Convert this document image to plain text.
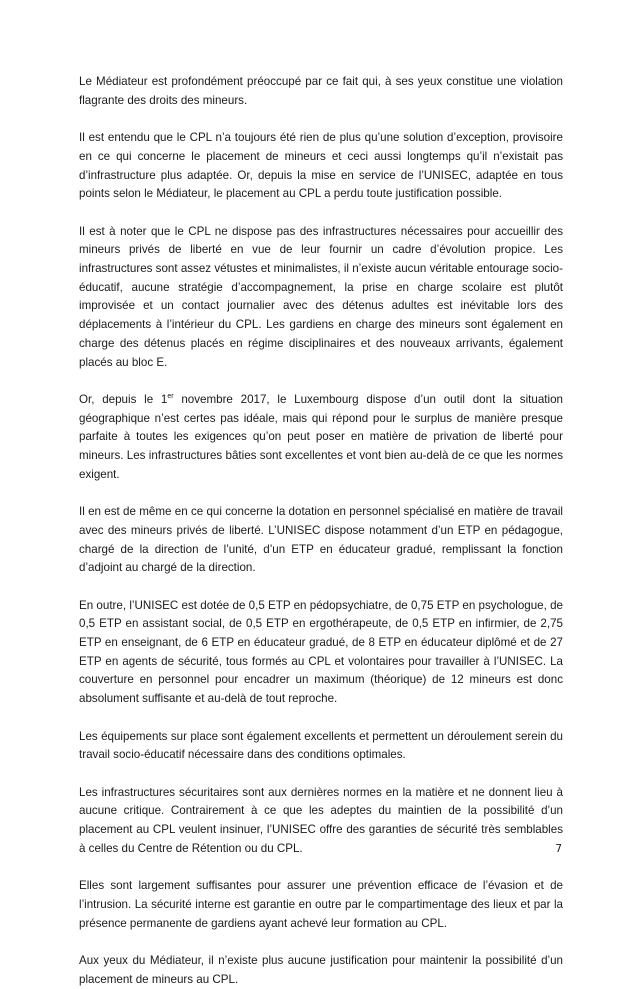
Le Médiateur est profondément préoccupé par ce fait qui, à ses yeux constitue une violation flagrante des droits des mineurs.

Il est entendu que le CPL n’a toujours été rien de plus qu’une solution d’exception, provisoire en ce qui concerne le placement de mineurs et ceci aussi longtemps qu’il n’existait pas d’infrastructure plus adaptée. Or, depuis la mise en service de l’UNISEC, adaptée en tous points selon le Médiateur, le placement au CPL a perdu toute justification possible.

Il est à noter que le CPL ne dispose pas des infrastructures nécessaires pour accueillir des mineurs privés de liberté en vue de leur fournir un cadre d’évolution propice. Les infrastructures sont assez vétustes et minimalistes, il n’existe aucun véritable entourage socio-éducatif, aucune stratégie d’accompagnement, la prise en charge scolaire est plutôt improvisée et un contact journalier avec des détenus adultes est inévitable lors des déplacements à l’intérieur du CPL. Les gardiens en charge des mineurs sont également en charge des détenus placés en régime disciplinaires et des nouveaux arrivants, également placés au bloc E.

Or, depuis le 1er novembre 2017, le Luxembourg dispose d’un outil dont la situation géographique n’est certes pas idéale, mais qui répond pour le surplus de manière presque parfaite à toutes les exigences qu’on peut poser en matière de privation de liberté pour mineurs. Les infrastructures bâties sont excellentes et vont bien au-delà de ce que les normes exigent.

Il en est de même en ce qui concerne la dotation en personnel spécialisé en matière de travail avec des mineurs privés de liberté. L’UNISEC dispose notamment d’un ETP en pédagogue, chargé de la direction de l’unité, d’un ETP en éducateur gradué, remplissant la fonction d’adjoint au chargé de la direction.

En outre, l’UNISEC est dotée de 0,5 ETP en pédopsychiatre, de 0,75 ETP en psychologue, de 0,5 ETP en assistant social, de 0,5 ETP en ergothérapeute, de 0,5 ETP en infirmier, de 2,75 ETP en enseignant, de 6 ETP en éducateur gradué, de 8 ETP en éducateur diplômé et de 27 ETP en agents de sécurité, tous formés au CPL et volontaires pour travailler à l’UNISEC. La couverture en personnel pour encadrer un maximum (théorique) de 12 mineurs est donc absolument suffisante et au-delà de tout reproche.

Les équipements sur place sont également excellents et permettent un déroulement serein du travail socio-éducatif nécessaire dans des conditions optimales.

Les infrastructures sécuritaires sont aux dernières normes en la matière et ne donnent lieu à aucune critique. Contrairement à ce que les adeptes du maintien de la possibilité d’un placement au CPL veulent insinuer, l’UNISEC offre des garanties de sécurité très semblables à celles du Centre de Rétention ou du CPL.

Elles sont largement suffisantes pour assurer une prévention efficace de l’évasion et de l’intrusion. La sécurité interne est garantie en outre par le compartimentage des lieux et par la présence permanente de gardiens ayant achevé leur formation au CPL.

Aux yeux du Médiateur, il n’existe plus aucune justification pour maintenir la possibilité d’un placement de mineurs au CPL.

7
